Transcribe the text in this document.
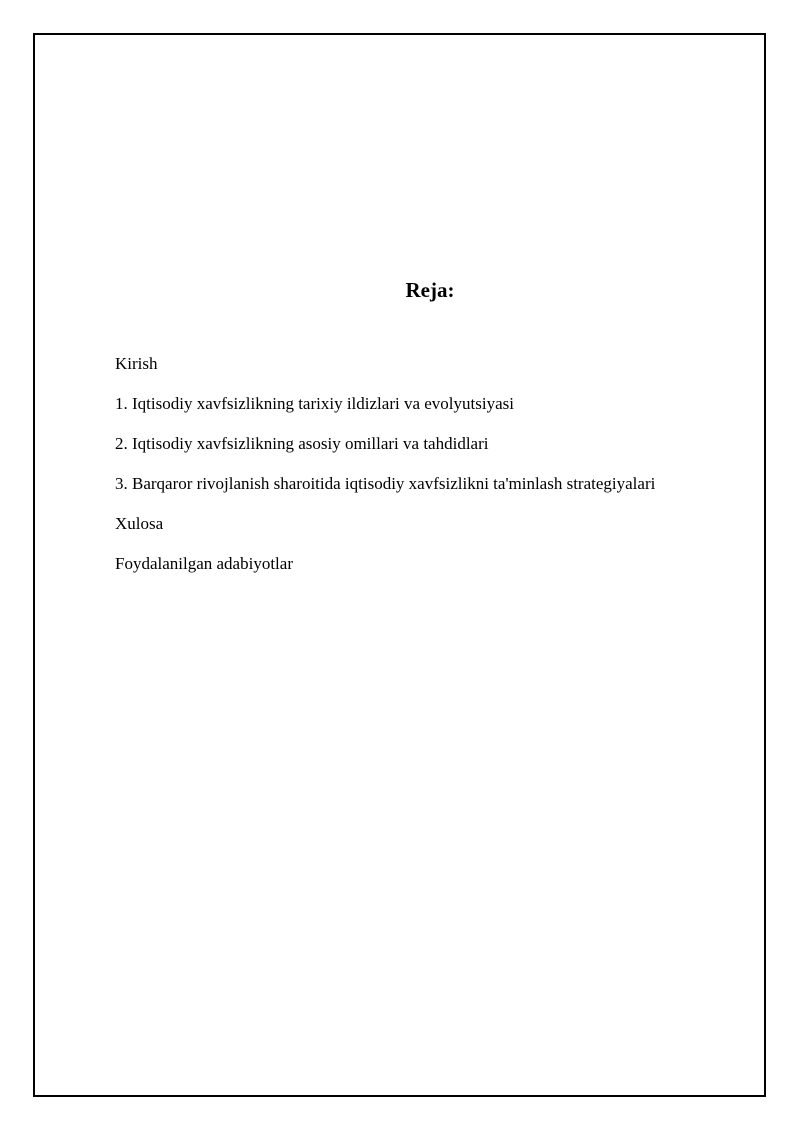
Reja:
Kirish
1. Iqtisodiy xavfsizlikning tarixiy ildizlari va evolyutsiyasi
2. Iqtisodiy xavfsizlikning asosiy omillari va tahdidlari
3. Barqaror rivojlanish sharoitida iqtisodiy xavfsizlikni ta'minlash strategiyalari
Xulosa
Foydalanilgan adabiyotlar
